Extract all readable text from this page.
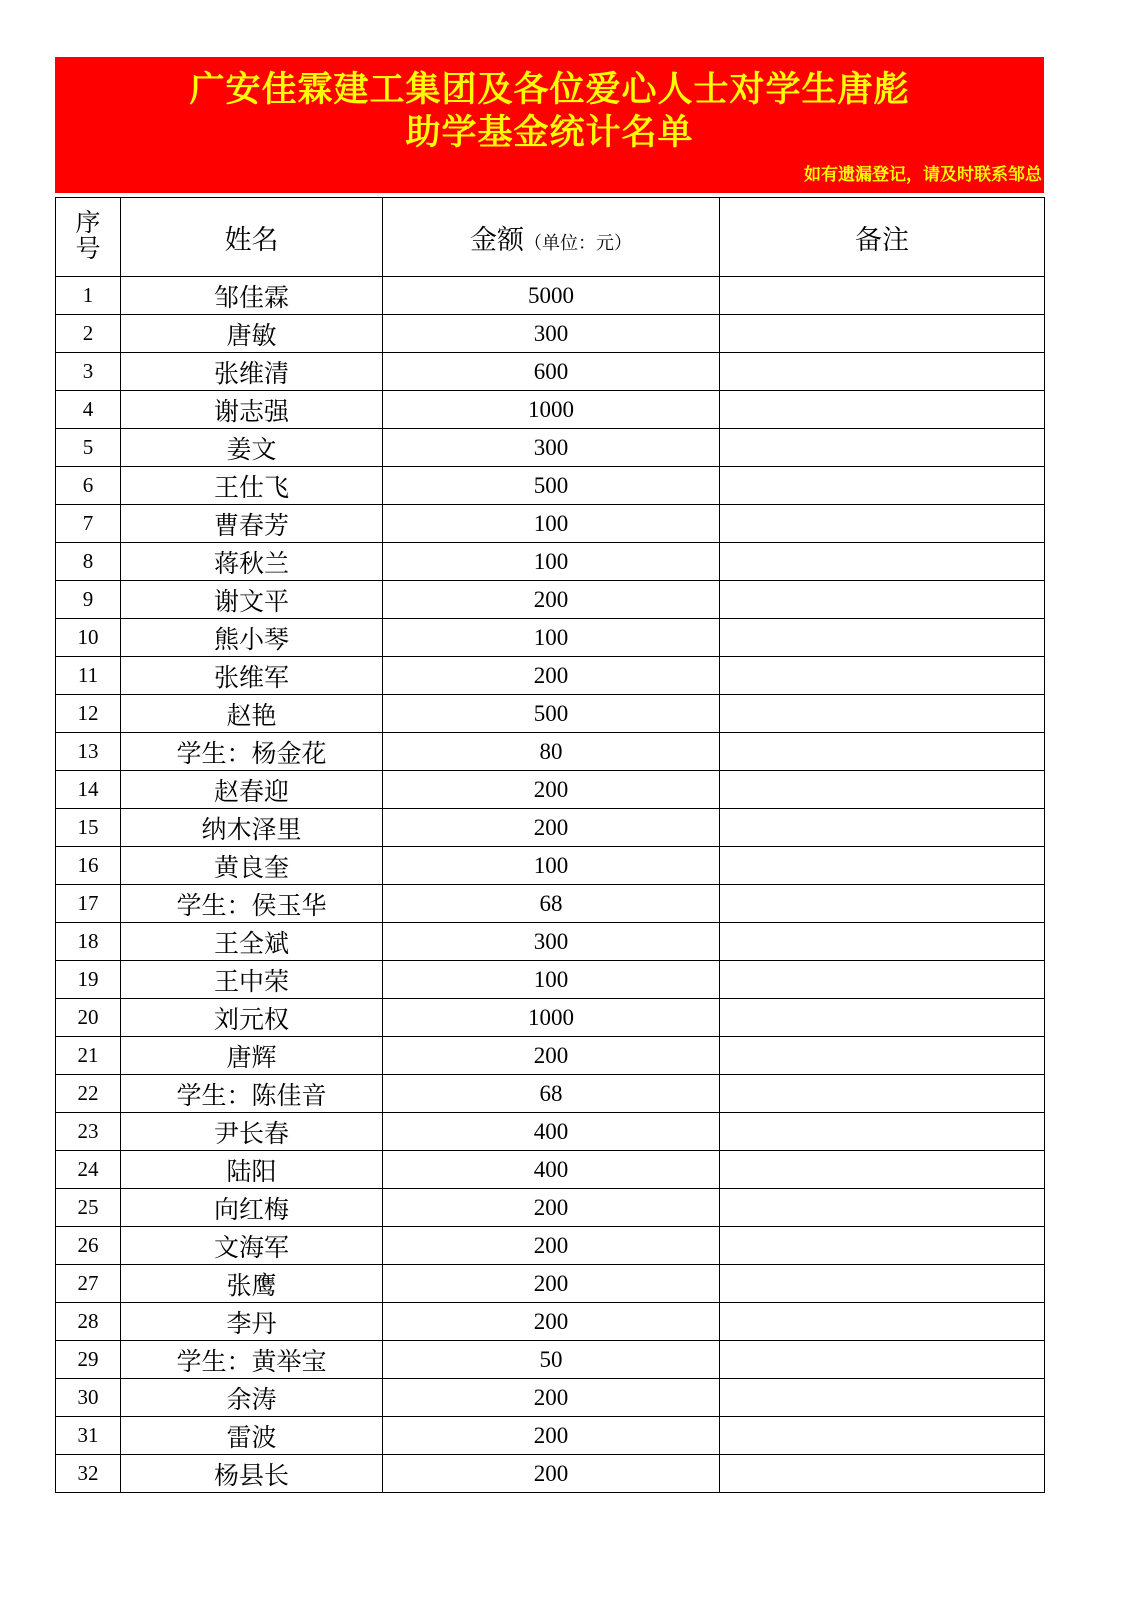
广安佳霖建工集团及各位爱心人士对学生唐彪
助学基金统计名单
如有遗漏登记，请及时联系邹总
序
号	姓名	金额（单位：元）	备注
1	邹佳霖	5000	
2	唐敏	300	
3	张维清	600	
4	谢志强	1000	
5	姜文	300	
6	王仕飞	500	
7	曹春芳	100	
8	蒋秋兰	100	
9	谢文平	200	
10	熊小琴	100	
11	张维军	200	
12	赵艳	500	
13	学生：杨金花	80	
14	赵春迎	200	
15	纳木泽里	200	
16	黄良奎	100	
17	学生：侯玉华	68	
18	王全斌	300	
19	王中荣	100	
20	刘元权	1000	
21	唐辉	200	
22	学生：陈佳音	68	
23	尹长春	400	
24	陆阳	400	
25	向红梅	200	
26	文海军	200	
27	张鹰	200	
28	李丹	200	
29	学生：黄举宝	50	
30	余涛	200	
31	雷波	200	
32	杨县长	200	
